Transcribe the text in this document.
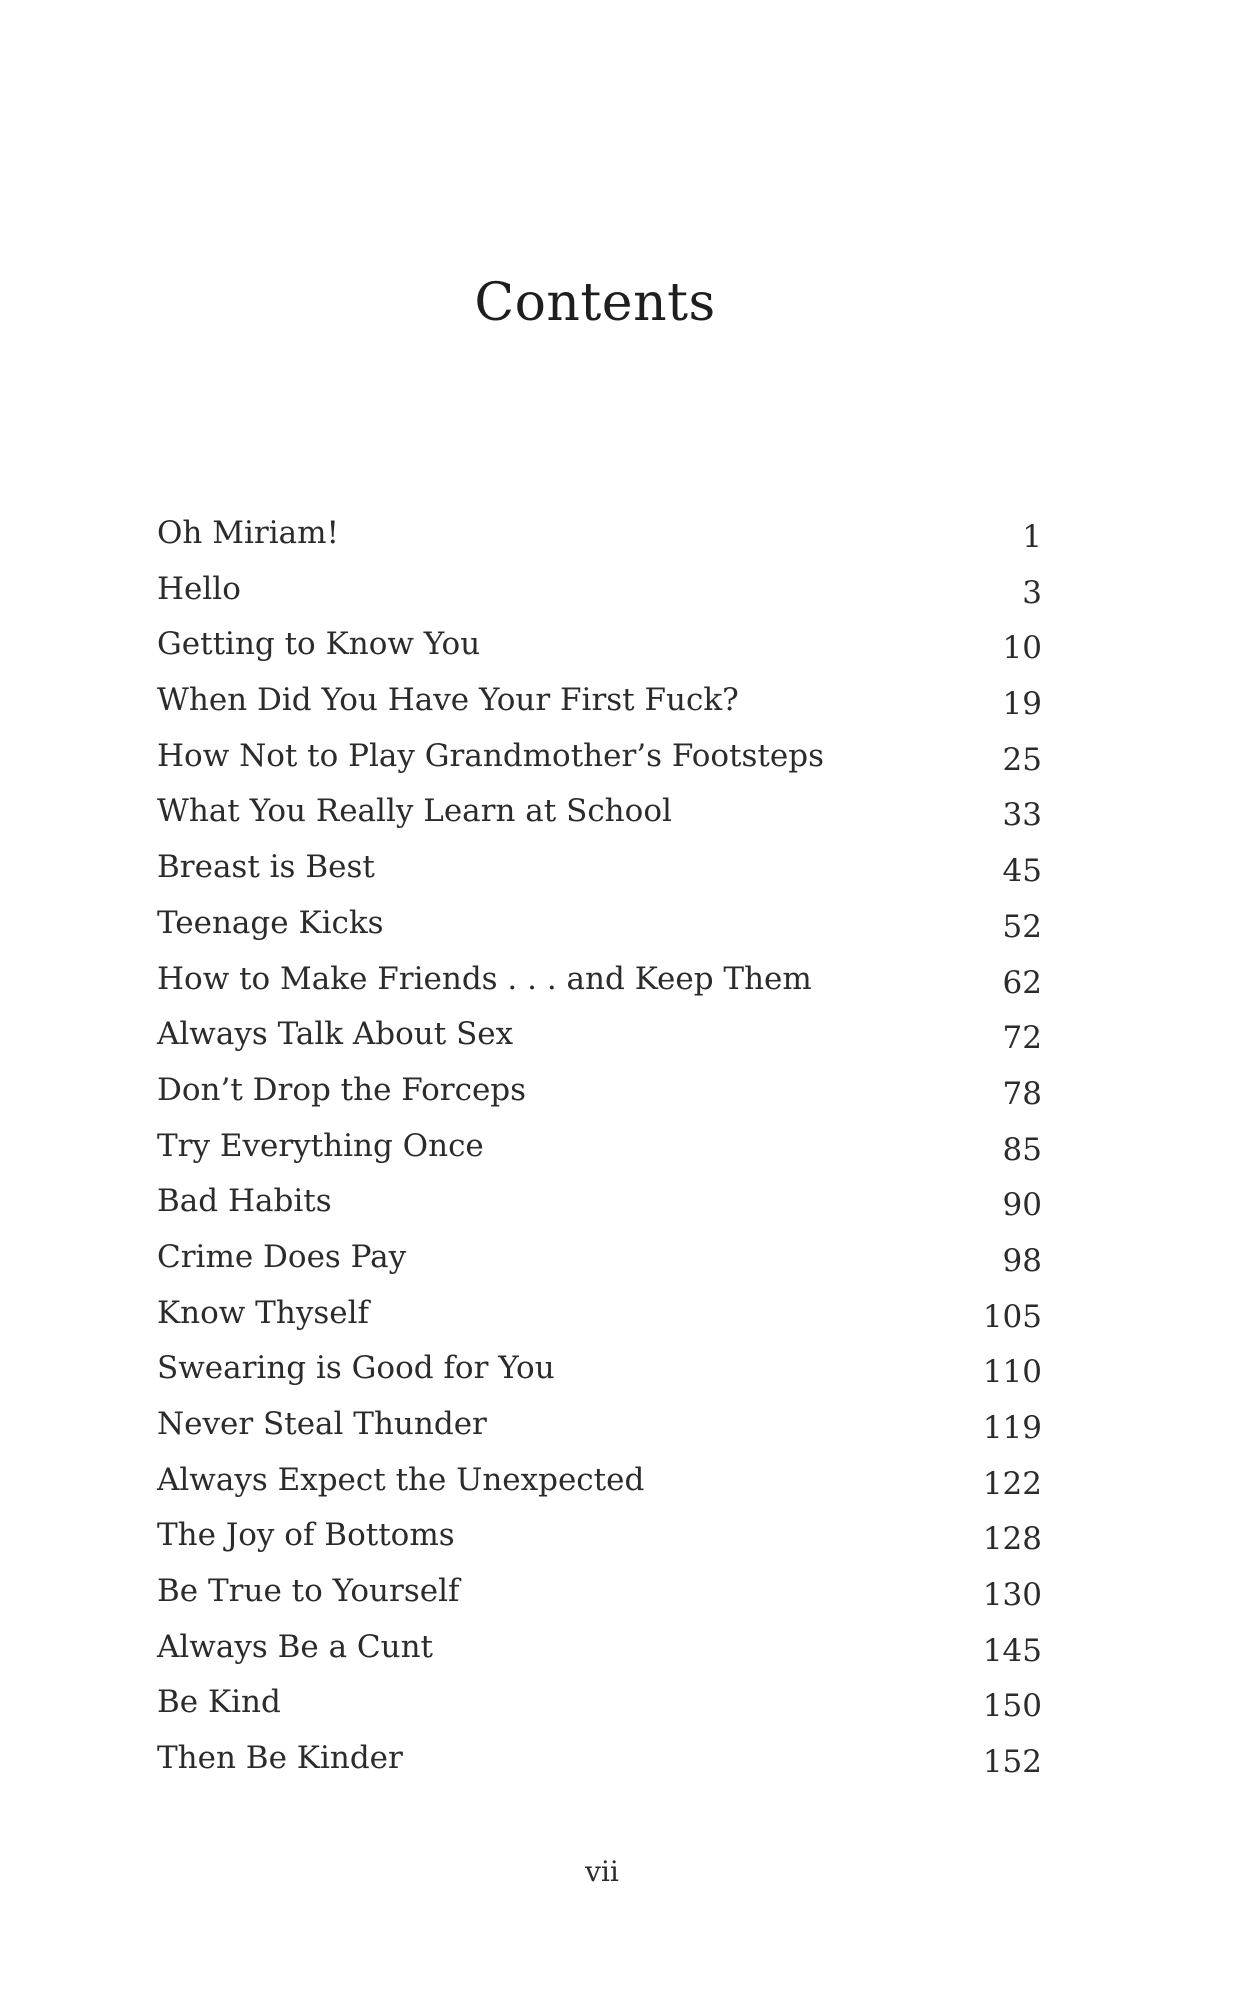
Contents
Oh Miriam!	1
Hello	3
Getting to Know You	10
When Did You Have Your First Fuck?	19
How Not to Play Grandmother’s Footsteps	25
What You Really Learn at School	33
Breast is Best	45
Teenage Kicks	52
How to Make Friends . . . and Keep Them	62
Always Talk About Sex	72
Don’t Drop the Forceps	78
Try Everything Once	85
Bad Habits	90
Crime Does Pay	98
Know Thyself	105
Swearing is Good for You	110
Never Steal Thunder	119
Always Expect the Unexpected	122
The Joy of Bottoms	128
Be True to Yourself	130
Always Be a Cunt	145
Be Kind	150
Then Be Kinder	152
vii
